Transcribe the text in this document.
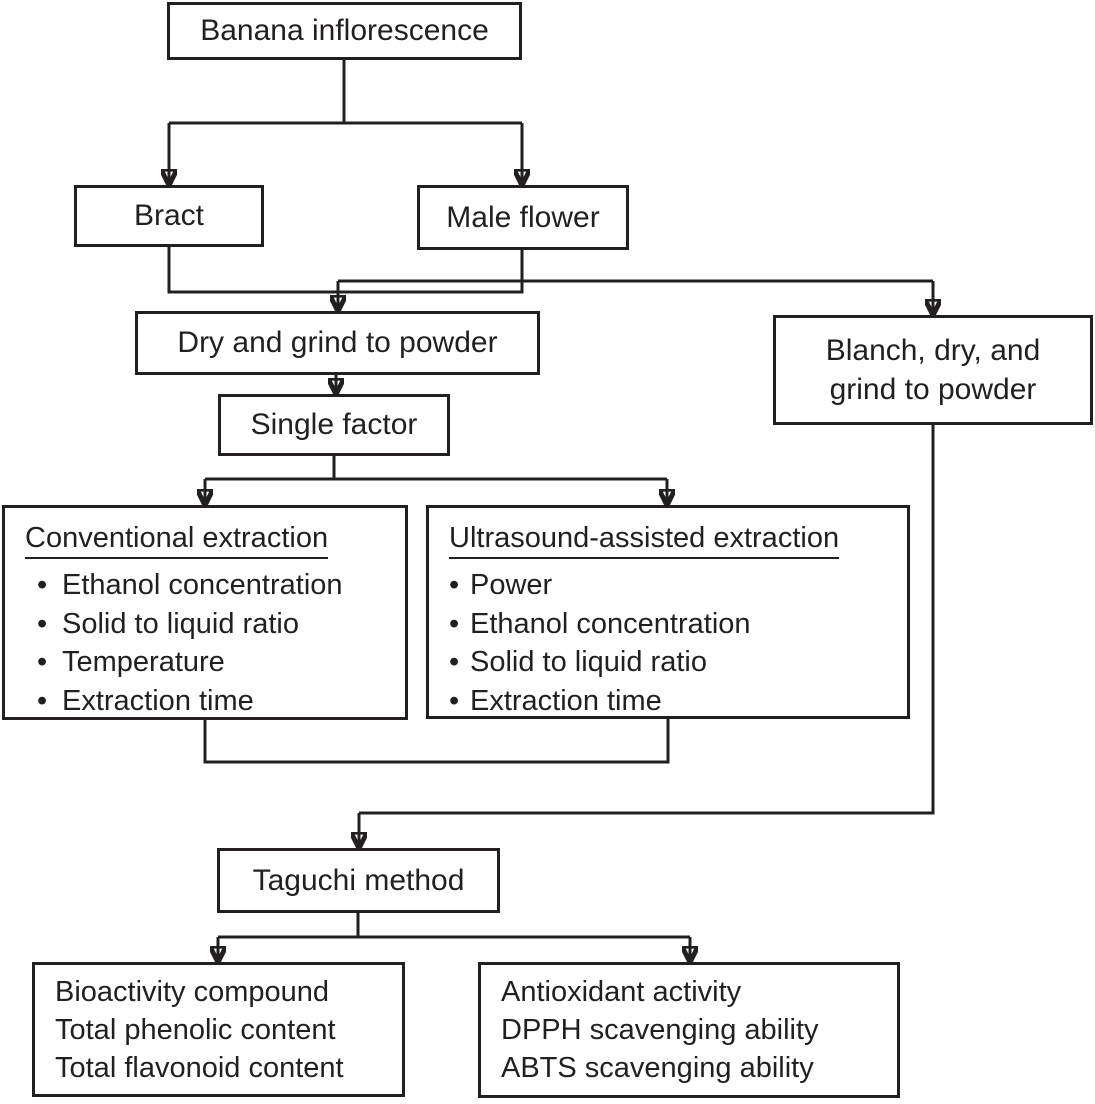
Banana inflorescence
Bract	Male flower
Dry and grind to powder	Blanch, dry, and
grind to powder
Single factor
Conventional extraction
• Ethanol concentration
• Solid to liquid ratio
• Temperature
• Extraction time
Ultrasound-assisted extraction
• Power
• Ethanol concentration
• Solid to liquid ratio
• Extraction time
Taguchi method
Bioactivity compound
Total phenolic content
Total flavonoid content
Antioxidant activity
DPPH scavenging ability
ABTS scavenging ability
